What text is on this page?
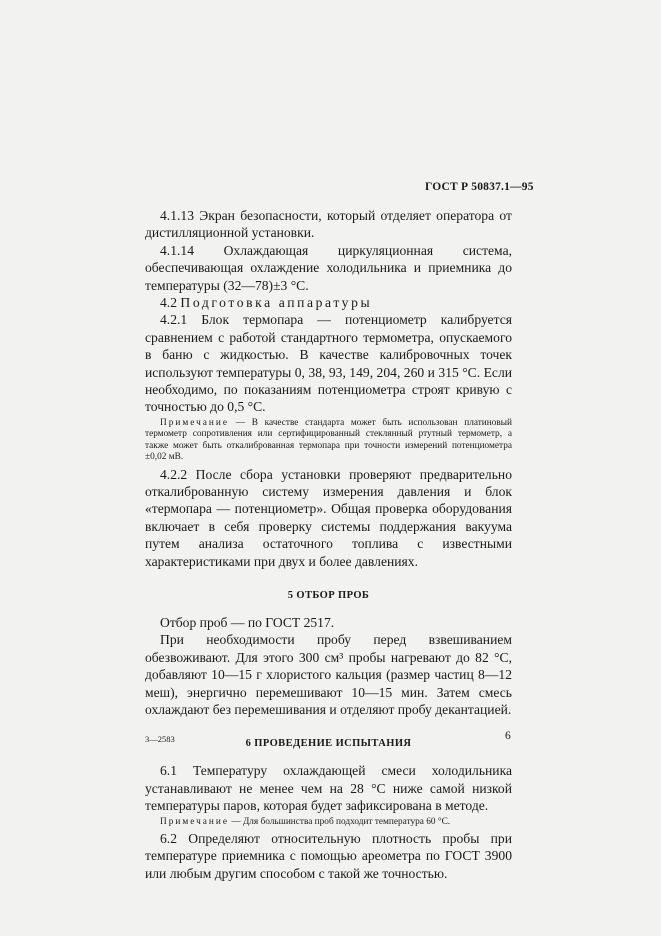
ГОСТ Р 50837.1—95

4.1.13 Экран безопасности, который отделяет оператора от дистилляционной установки.

4.1.14 Охлаждающая циркуляционная система, обеспечивающая охлаждение холодильника и приемника до температуры (32—78)±3 °С.

4.2 Подготовка аппаратуры

4.2.1 Блок термопара — потенциометр калибруется сравнением с работой стандартного термометра, опускаемого в баню с жидкостью. В качестве калибровочных точек используют температуры 0, 38, 93, 149, 204, 260 и 315 °С. Если необходимо, по показаниям потенциометра строят кривую с точностью до 0,5 °С.

Примечание — В качестве стандарта может быть использован платиновый термометр сопротивления или сертифицированный стеклянный ртутный термометр, а также может быть откалиброванная термопара при точности измерений потенциометра ±0,02 мВ.

4.2.2 После сбора установки проверяют предварительно откалиброванную систему измерения давления и блок «термопара — потенциометр». Общая проверка оборудования включает в себя проверку системы поддержания вакуума путем анализа остаточного топлива с известными характеристиками при двух и более давлениях.

5 ОТБОР ПРОБ

Отбор проб — по ГОСТ 2517.

При необходимости пробу перед взвешиванием обезвоживают. Для этого 300 см³ пробы нагревают до 82 °С, добавляют 10—15 г хлористого кальция (размер частиц 8—12 меш), энергично перемешивают 10—15 мин. Затем смесь охлаждают без перемешивания и отделяют пробу декантацией.

6 ПРОВЕДЕНИЕ ИСПЫТАНИЯ

6.1 Температуру охлаждающей смеси холодильника устанавливают не менее чем на 28 °С ниже самой низкой температуры паров, которая будет зафиксирована в методе.

Примечание — Для большинства проб подходит температура 60 °С.

6.2 Определяют относительную плотность пробы при температуре приемника с помощью ареометра по ГОСТ 3900 или любым другим способом с такой же точностью.

3—2583	6
